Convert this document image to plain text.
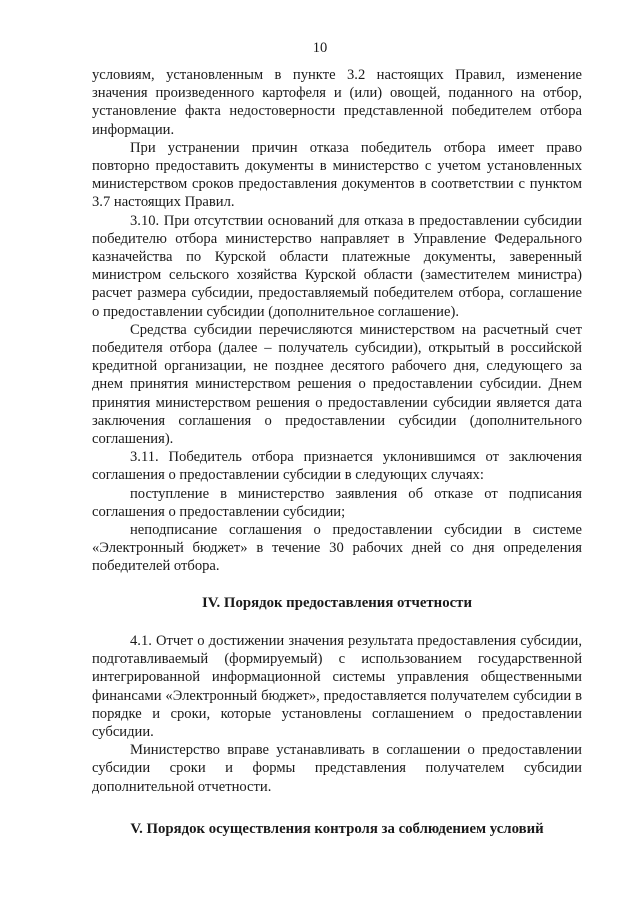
10

условиям, установленным в пункте 3.2 настоящих Правил, изменение значения произведенного картофеля и (или) овощей, поданного на отбор, установление факта недостоверности представленной победителем отбора информации.

При устранении причин отказа победитель отбора имеет право повторно предоставить документы в министерство с учетом установленных министерством сроков предоставления документов в соответствии с пунктом 3.7 настоящих Правил.

3.10. При отсутствии оснований для отказа в предоставлении субсидии победителю отбора министерство направляет в Управление Федерального казначейства по Курской области платежные документы, заверенный министром сельского хозяйства Курской области (заместителем министра) расчет размера субсидии, предоставляемый победителем отбора, соглашение о предоставлении субсидии (дополнительное соглашение).

Средства субсидии перечисляются министерством на расчетный счет победителя отбора (далее – получатель субсидии), открытый в российской кредитной организации, не позднее десятого рабочего дня, следующего за днем принятия министерством решения о предоставлении субсидии. Днем принятия министерством решения о предоставлении субсидии является дата заключения соглашения о предоставлении субсидии (дополнительного соглашения).

3.11. Победитель отбора признается уклонившимся от заключения соглашения о предоставлении субсидии в следующих случаях:

поступление в министерство заявления об отказе от подписания соглашения о предоставлении субсидии;

неподписание соглашения о предоставлении субсидии в системе «Электронный бюджет» в течение 30 рабочих дней со дня определения победителей отбора.

IV. Порядок предоставления отчетности

4.1. Отчет о достижении значения результата предоставления субсидии, подготавливаемый (формируемый) с использованием государственной интегрированной информационной системы управления общественными финансами «Электронный бюджет», предоставляется получателем субсидии в порядке и сроки, которые установлены соглашением о предоставлении субсидии.

Министерство вправе устанавливать в соглашении о предоставлении субсидии сроки и формы представления получателем субсидии дополнительной отчетности.

V. Порядок осуществления контроля за соблюдением условий
